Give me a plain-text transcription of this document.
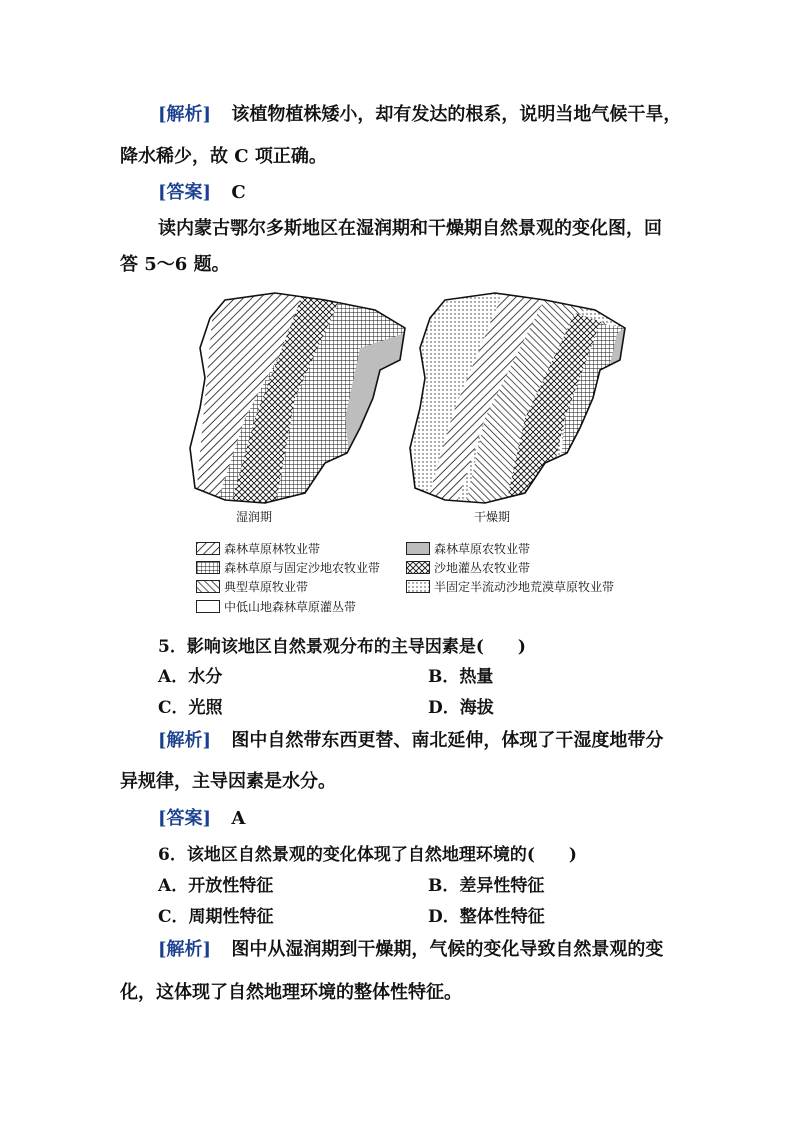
[解析] 该植物植株矮小，却有发达的根系，说明当地气候干旱，
降水稀少，故 C 项正确。
[答案] C
读内蒙古鄂尔多斯地区在湿润期和干燥期自然景观的变化图，回
答 5～6 题。
湿润期	干燥期
森林草原林牧业带	森林草原农牧业带
森林草原与固定沙地农牧业带	沙地灌丛农牧业带
典型草原牧业带	半固定半流动沙地荒漠草原牧业带
中低山地森林草原灌丛带
5．影响该地区自然景观分布的主导因素是(　　)
A．水分	B．热量
C．光照	D．海拔
[解析] 图中自然带东西更替、南北延伸，体现了干湿度地带分
异规律，主导因素是水分。
[答案] A
6．该地区自然景观的变化体现了自然地理环境的(　　)
A．开放性特征	B．差异性特征
C．周期性特征	D．整体性特征
[解析] 图中从湿润期到干燥期，气候的变化导致自然景观的变
化，这体现了自然地理环境的整体性特征。
